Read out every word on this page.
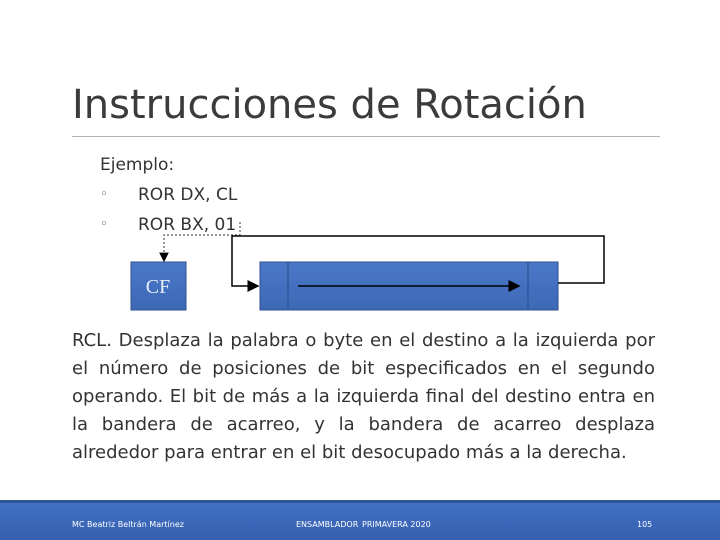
Instrucciones de Rotación
Ejemplo:
◦	ROR DX, CL
◦	ROR BX, 01
CF
RCL. Desplaza la palabra o byte en el destino a la izquierda por el número de posiciones de bit especificados en el segundo operando. El bit de más a la izquierda final del destino entra en la bandera de acarreo, y la bandera de acarreo desplaza alrededor para entrar en el bit desocupado más a la derecha.
MC Beatriz Beltrán Martínez	ENSAMBLADOR PRIMAVERA 2020	105
